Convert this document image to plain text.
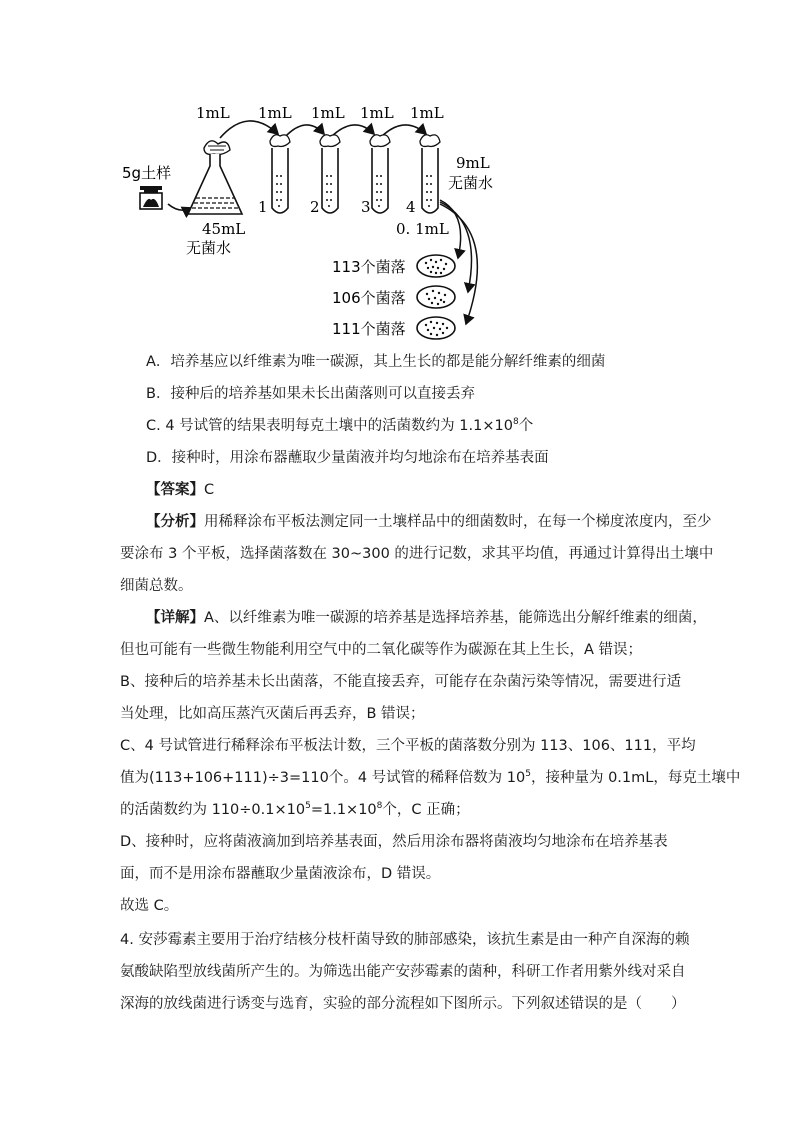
1mL 1mL 1mL 1mL 1mL
5g土样
45mL
无菌水
1	2	3 4
9mL
无菌水
0. 1mL
113个菌落
106个菌落
111个菌落
A．培养基应以纤维素为唯一碳源，其上生长的都是能分解纤维素的细菌
B．接种后的培养基如果未长出菌落则可以直接丢弃
C. 4 号试管的结果表明每克土壤中的活菌数约为 $1.1\times 10^8$个
D．接种时，用涂布器蘸取少量菌液并均匀地涂布在培养基表面
【答案】C
【分析】用稀释涂布平板法测定同一土壤样品中的细菌数时，在每一个梯度浓度内，至少
要涂布 3 个平板，选择菌落数在 30~300 的进行记数，求其平均值，再通过计算得出土壤中
细菌总数。
【详解】A、以纤维素为唯一碳源的培养基是选择培养基，能筛选出分解纤维素的细菌，
但也可能有一些微生物能利用空气中的二氧化碳等作为碳源在其上生长，A 错误；
B、接种后的培养基未长出菌落，不能直接丢弃，可能存在杂菌污染等情况，需要进行适
当处理，比如高压蒸汽灭菌后再丢弃，B 错误；
C、4 号试管进行稀释涂布平板法计数，三个平板的菌落数分别为 113、106、111，平均
值为(113+106+111)÷3=110个。4 号试管的稀释倍数为 $10^5$，接种量为 0.1mL，每克土壤中
的活菌数约为 $110\div 0.1\times 10^5=1.1\times 10^8$个，C 正确；
D、接种时，应将菌液滴加到培养基表面，然后用涂布器将菌液均匀地涂布在培养基表
面，而不是用涂布器蘸取少量菌液涂布，D 错误。
故选 C。
4. 安莎霉素主要用于治疗结核分枝杆菌导致的肺部感染，该抗生素是由一种产自深海的赖
氨酸缺陷型放线菌所产生的。为筛选出能产安莎霉素的菌种，科研工作者用紫外线对采自
深海的放线菌进行诱变与选育，实验的部分流程如下图所示。下列叙述错误的是（　　）
